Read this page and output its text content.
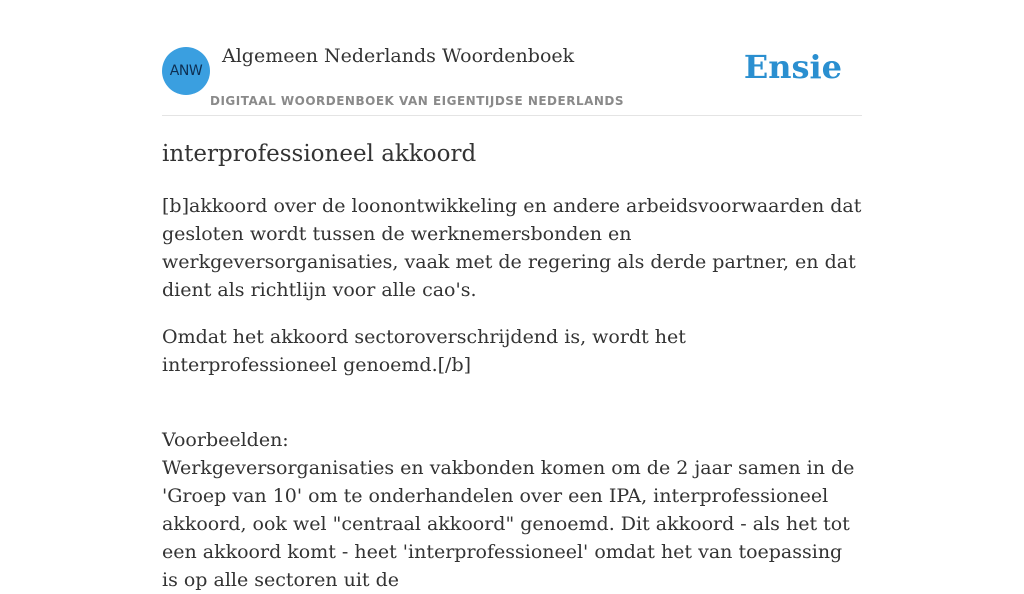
ANW
Algemeen Nederlands Woordenboek
DIGITAAL WOORDENBOEK VAN EIGENTIJDSE NEDERLANDS
Ensie
interprofessioneel akkoord

[b]akkoord over de loonontwikkeling en andere arbeidsvoorwaarden dat gesloten wordt tussen de werknemersbonden en werkgeversorganisaties, vaak met de regering als derde partner, en dat dient als richtlijn voor alle cao's.

Omdat het akkoord sectoroverschrijdend is, wordt het interprofessioneel genoemd.[/b]

Voorbeelden:
Werkgeversorganisaties en vakbonden komen om de 2 jaar samen in de 'Groep van 10' om te onderhandelen over een IPA, interprofessioneel akkoord, ook wel "centraal akkoord" genoemd. Dit akkoord - als het tot een akkoord komt - heet 'interprofessioneel' omdat het van toepassing is op alle sectoren uit de
